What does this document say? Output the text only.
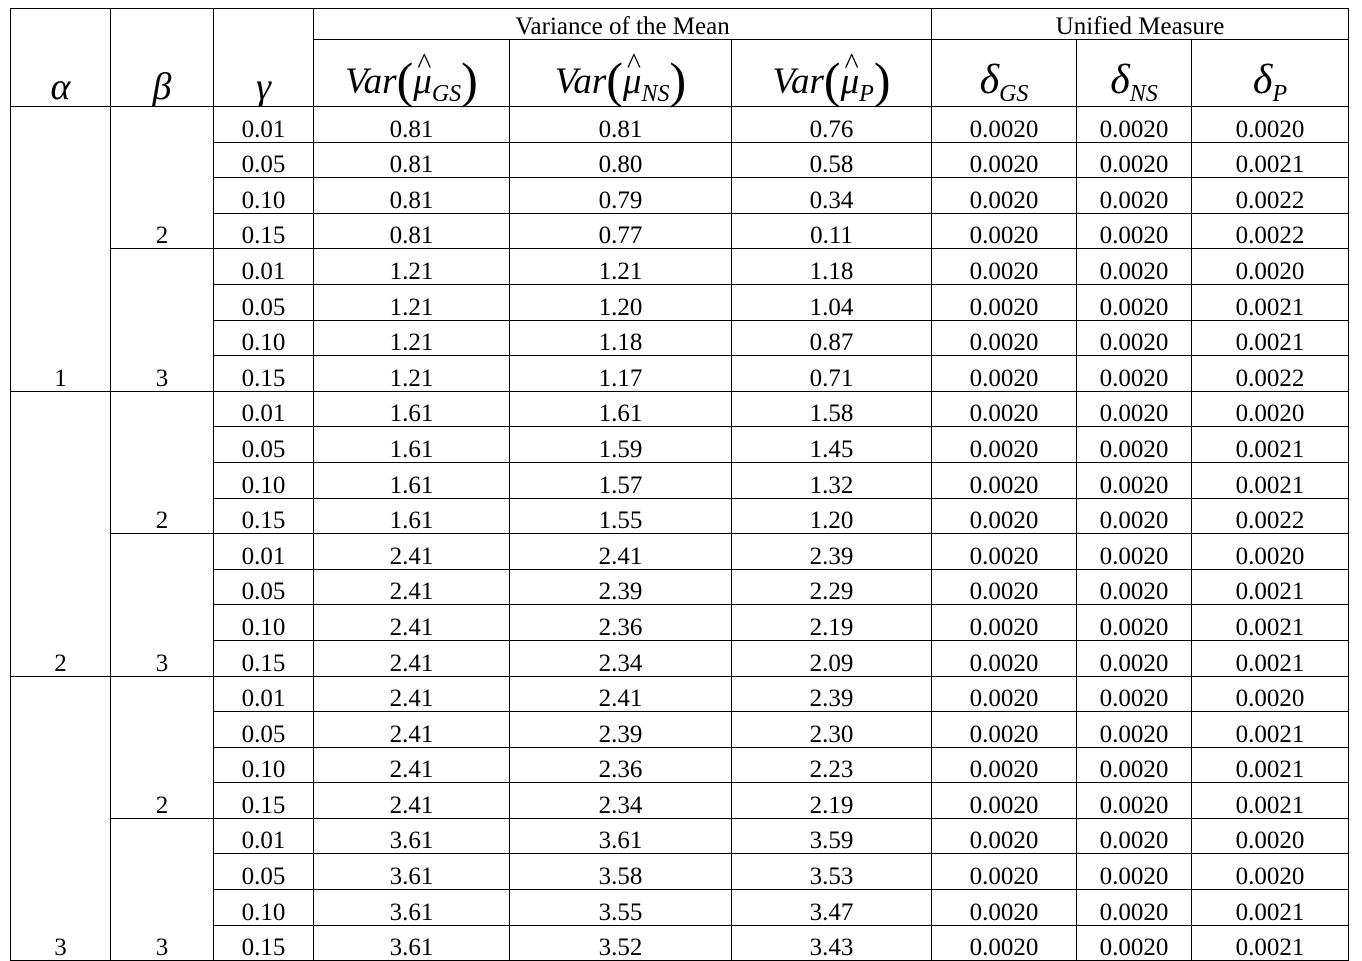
α	β	γ	Variance of the Mean			Unified Measure		
			Var(^ $\mu_{GS}$)	Var(^ $\mu_{NS}$)	Var(^ $\mu_P$)	$\delta_{GS}$	$\delta_{NS}$	$\delta_P$
1	2	0.01	0.81	0.81	0.76	0.0020	0.0020	0.0020
		0.05	0.81	0.80	0.58	0.0020	0.0020	0.0021
		0.10	0.81	0.79	0.34	0.0020	0.0020	0.0022
		0.15	0.81	0.77	0.11	0.0020	0.0020	0.0022
	3	0.01	1.21	1.21	1.18	0.0020	0.0020	0.0020
		0.05	1.21	1.20	1.04	0.0020	0.0020	0.0021
		0.10	1.21	1.18	0.87	0.0020	0.0020	0.0021
		0.15	1.21	1.17	0.71	0.0020	0.0020	0.0022
2	2	0.01	1.61	1.61	1.58	0.0020	0.0020	0.0020
		0.05	1.61	1.59	1.45	0.0020	0.0020	0.0021
		0.10	1.61	1.57	1.32	0.0020	0.0020	0.0021
		0.15	1.61	1.55	1.20	0.0020	0.0020	0.0022
	3	0.01	2.41	2.41	2.39	0.0020	0.0020	0.0020
		0.05	2.41	2.39	2.29	0.0020	0.0020	0.0021
		0.10	2.41	2.36	2.19	0.0020	0.0020	0.0021
		0.15	2.41	2.34	2.09	0.0020	0.0020	0.0021
3	2	0.01	2.41	2.41	2.39	0.0020	0.0020	0.0020
		0.05	2.41	2.39	2.30	0.0020	0.0020	0.0021
		0.10	2.41	2.36	2.23	0.0020	0.0020	0.0021
		0.15	2.41	2.34	2.19	0.0020	0.0020	0.0021
	3	0.01	3.61	3.61	3.59	0.0020	0.0020	0.0020
		0.05	3.61	3.58	3.53	0.0020	0.0020	0.0020
		0.10	3.61	3.55	3.47	0.0020	0.0020	0.0021
		0.15	3.61	3.52	3.43	0.0020	0.0020	0.0021
